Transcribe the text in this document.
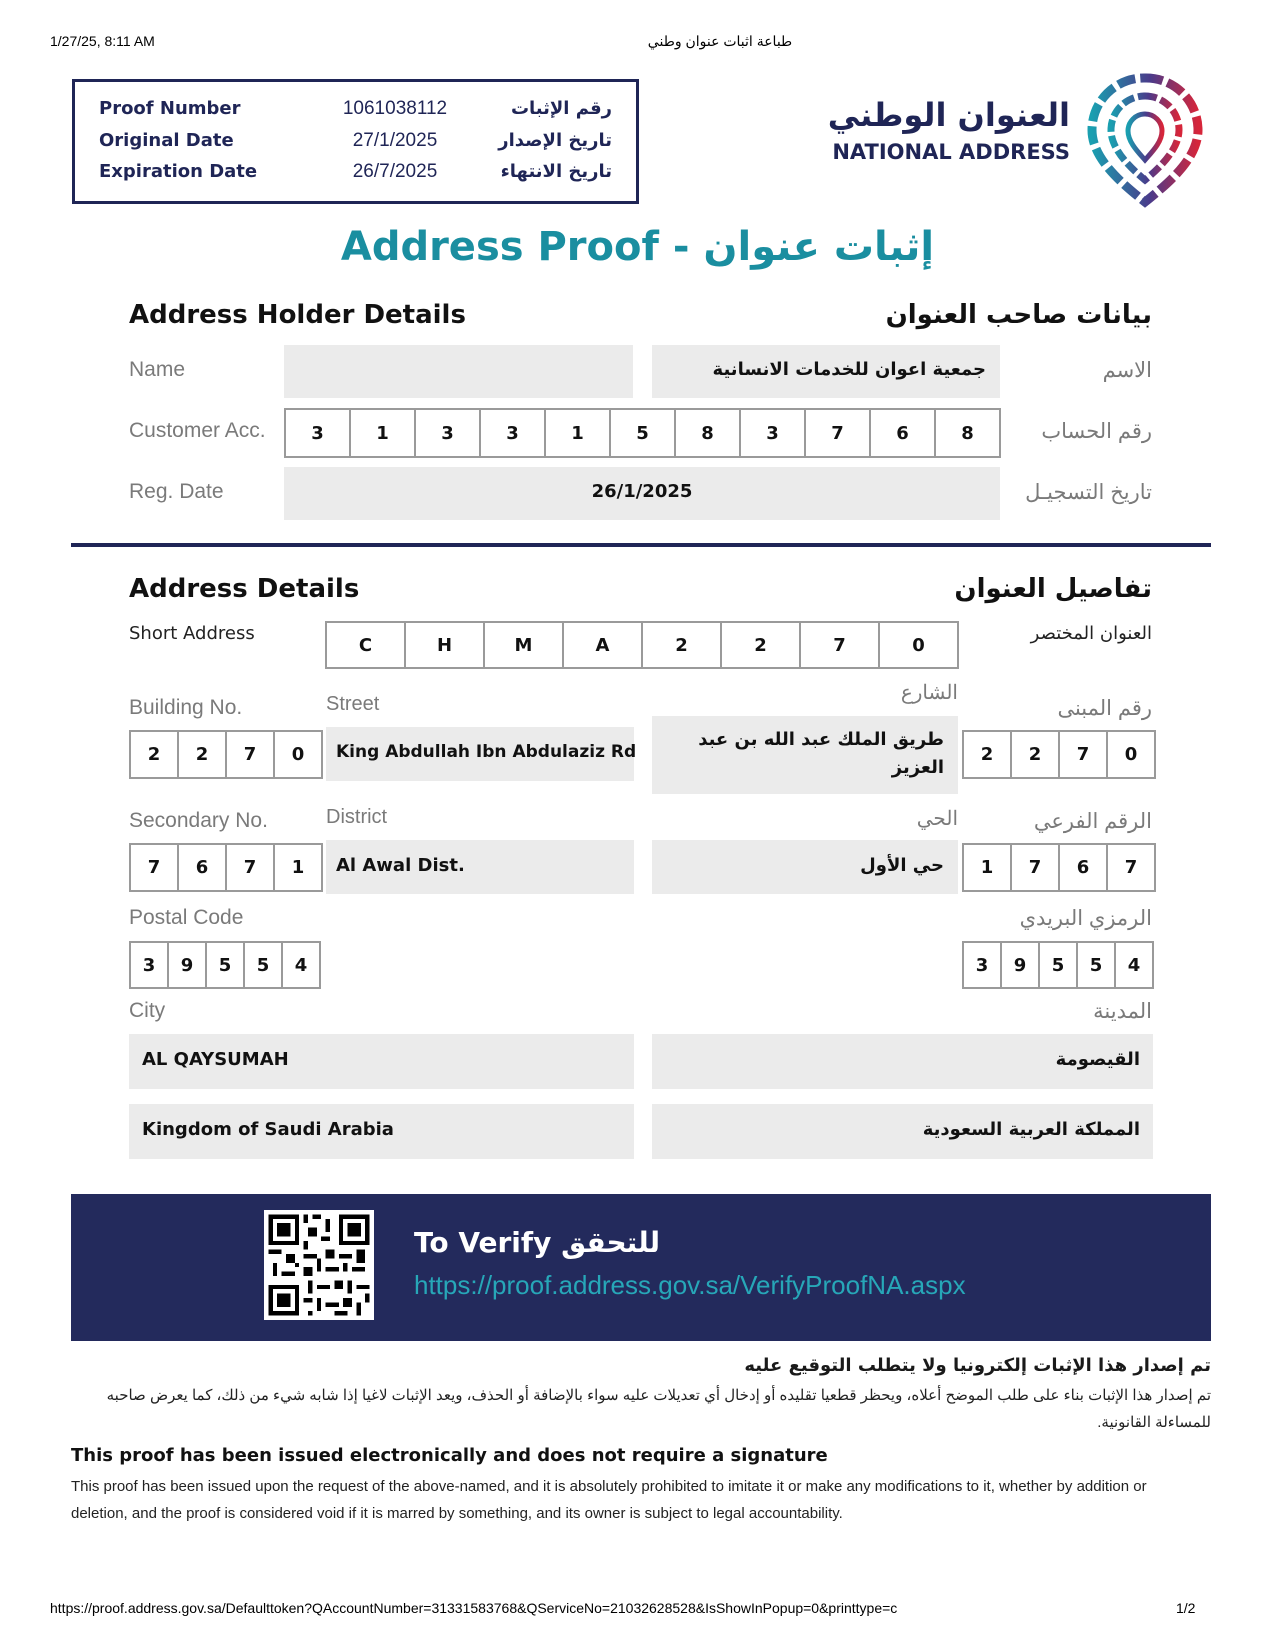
1/27/25, 8:11 AM	طباعة اثبات عنوان وطني
Proof Number	1061038112	رقم الإثبات
Original Date	27/1/2025	تاريخ الإصدار
Expiration Date	26/7/2025	تاريخ الانتهاء
العنوان الوطني
NATIONAL ADDRESS
Address Proof - إثبات عنوان
Address Holder Details	بيانات صاحب العنوان
Name	جمعية اعوان للخدمات الانسانية	الاسم
Customer Acc.	3	1	3	3	1	5	8	3	7	6	8	رقم الحساب
Reg. Date	26/1/2025	تاريخ التسجيـل
Address Details	تفاصيل العنوان
Short Address
C	H	M	A	2	2	7	0
العنوان المختصر
Building No.
2	2	7	0
Street
King Abdullah Ibn Abdulaziz Rd
الشارع
طريق الملك عبد الله بن عبد العزيز
رقم المبنى
2	2	7	0
Secondary No.
7	6	7	1
District
Al Awal Dist.
الحي
حي الأول
الرقم الفرعي
1	7	6	7
Postal Code
3	9	5	5	4
الرمزي البريدي
3	9	5	5	4
City	المدينة
AL QAYSUMAH	القيصومة
Kingdom of Saudi Arabia	المملكة العربية السعودية
To Verify للتحقق
https://proof.address.gov.sa/VerifyProofNA.aspx
تم إصدار هذا الإثبات إلكترونيا ولا يتطلب التوقيع عليه
تم إصدار هذا الإثبات بناء على طلب الموضح أعلاه، ويحظر قطعيا تقليده أو إدخال أي تعديلات عليه سواء بالإضافة أو الحذف، ويعد الإثبات لاغيا إذا شابه شيء من ذلك، كما يعرض صاحبه للمساءلة القانونية.
This proof has been issued electronically and does not require a signature
This proof has been issued upon the request of the above-named, and it is absolutely prohibited to imitate it or make any modifications to it, whether by addition or deletion, and the proof is considered void if it is marred by something, and its owner is subject to legal accountability.
https://proof.address.gov.sa/Defaulttoken?QAccountNumber=31331583768&QServiceNo=21032628528&IsShowInPopup=0&printtype=c	1/2
